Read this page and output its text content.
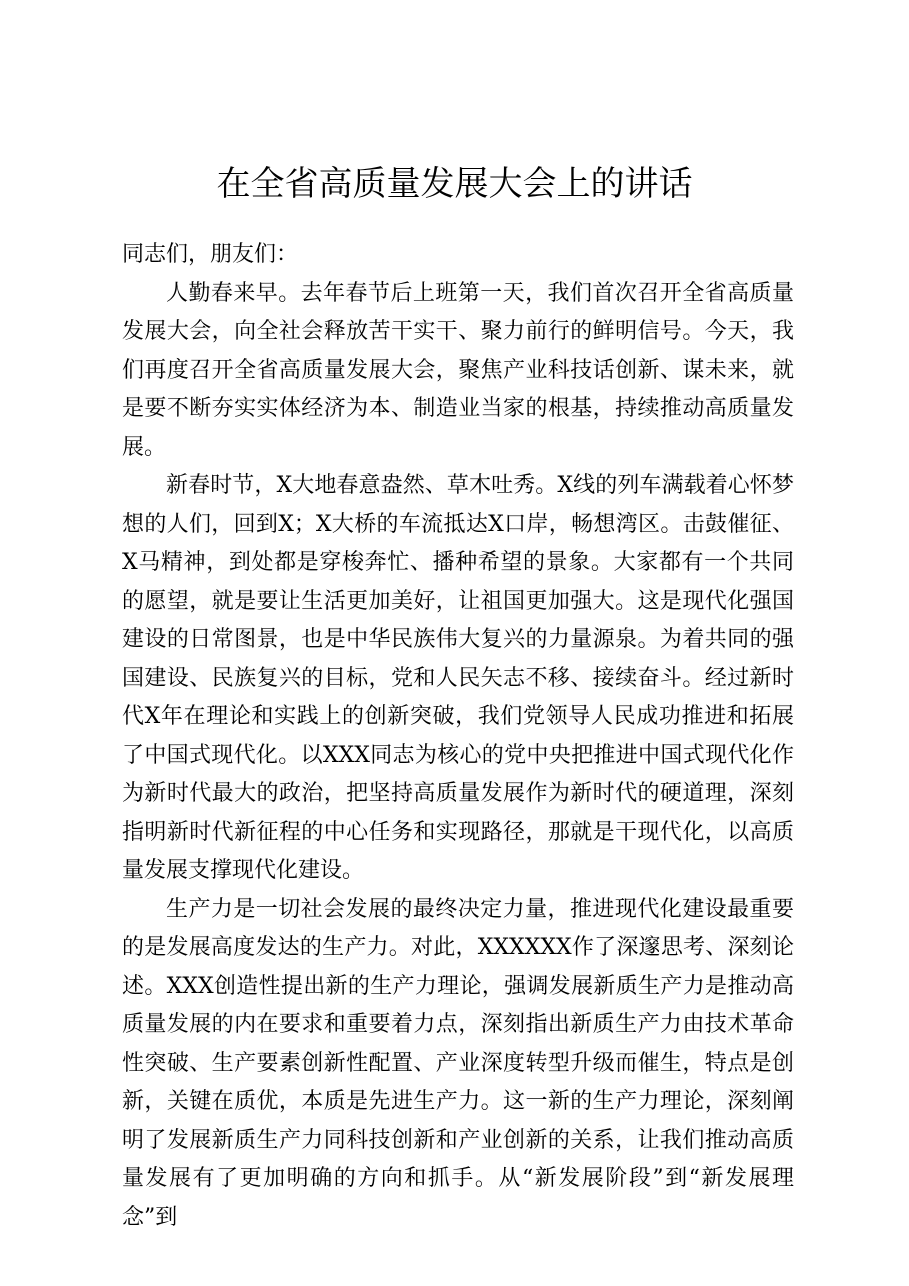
在全省高质量发展大会上的讲话

同志们，朋友们：

人勤春来早。去年春节后上班第一天，我们首次召开全省高质量发展大会，向全社会释放苦干实干、聚力前行的鲜明信号。今天，我们再度召开全省高质量发展大会，聚焦产业科技话创新、谋未来，就是要不断夯实实体经济为本、制造业当家的根基，持续推动高质量发展。

新春时节，X大地春意盎然、草木吐秀。X线的列车满载着心怀梦想的人们，回到X；X大桥的车流抵达X口岸，畅想湾区。击鼓催征、X马精神，到处都是穿梭奔忙、播种希望的景象。大家都有一个共同的愿望，就是要让生活更加美好，让祖国更加强大。这是现代化强国建设的日常图景，也是中华民族伟大复兴的力量源泉。为着共同的强国建设、民族复兴的目标，党和人民矢志不移、接续奋斗。经过新时代X年在理论和实践上的创新突破，我们党领导人民成功推进和拓展了中国式现代化。以XXX同志为核心的党中央把推进中国式现代化作为新时代最大的政治，把坚持高质量发展作为新时代的硬道理，深刻指明新时代新征程的中心任务和实现路径，那就是干现代化，以高质量发展支撑现代化建设。

生产力是一切社会发展的最终决定力量，推进现代化建设最重要的是发展高度发达的生产力。对此，XXXXXX作了深邃思考、深刻论述。XXX创造性提出新的生产力理论，强调发展新质生产力是推动高质量发展的内在要求和重要着力点，深刻指出新质生产力由技术革命性突破、生产要素创新性配置、产业深度转型升级而催生，特点是创新，关键在质优，本质是先进生产力。这一新的生产力理论，深刻阐明了发展新质生产力同科技创新和产业创新的关系，让我们推动高质量发展有了更加明确的方向和抓手。从“新发展阶段”到“新发展理念”到
